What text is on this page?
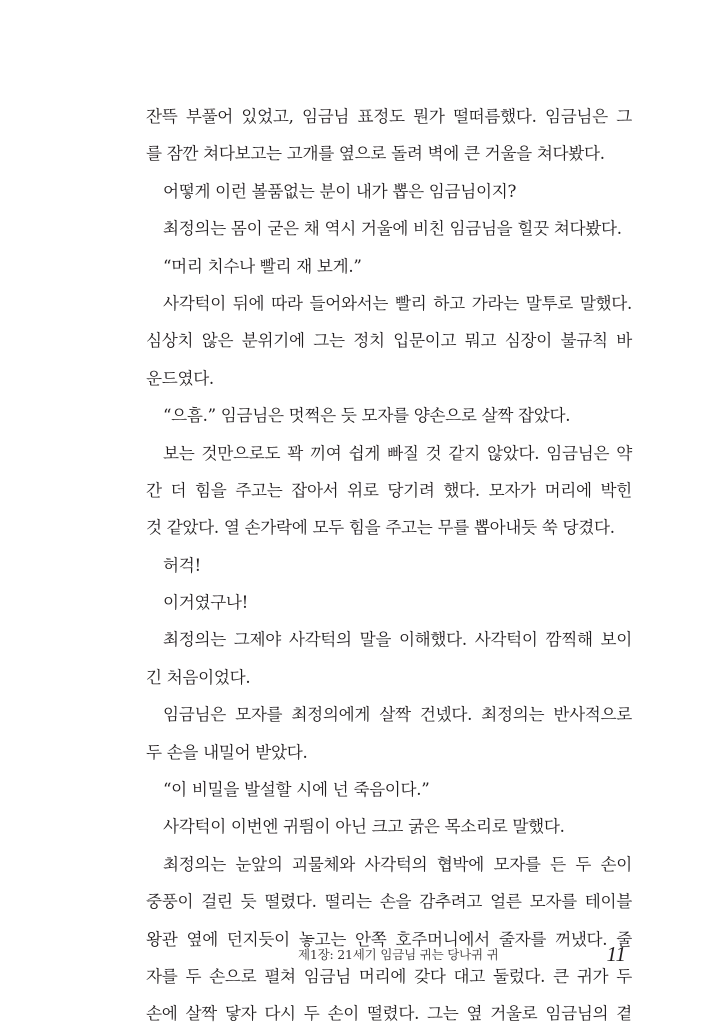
잔뜩 부풀어 있었고, 임금님 표정도 뭔가 떨떠름했다. 임금님은 그
를 잠깐 쳐다보고는 고개를 옆으로 돌려 벽에 큰 거울을 쳐다봤다.
어떻게 이런 볼품없는 분이 내가 뽑은 임금님이지?
최정의는 몸이 굳은 채 역시 거울에 비친 임금님을 힐끗 쳐다봤다.
“머리 치수나 빨리 재 보게.”
사각턱이 뒤에 따라 들어와서는 빨리 하고 가라는 말투로 말했다.
심상치 않은 분위기에 그는 정치 입문이고 뭐고 심장이 불규칙 바
운드였다.
“으흠.” 임금님은 멋쩍은 듯 모자를 양손으로 살짝 잡았다.
보는 것만으로도 꽉 끼여 쉽게 빠질 것 같지 않았다. 임금님은 약
간 더 힘을 주고는 잡아서 위로 당기려 했다. 모자가 머리에 박힌
것 같았다. 열 손가락에 모두 힘을 주고는 무를 뽑아내듯 쑥 당겼다.
허걱!
이거였구나!
최정의는 그제야 사각턱의 말을 이해했다. 사각턱이 깜찍해 보이
긴 처음이었다.
임금님은 모자를 최정의에게 살짝 건넸다. 최정의는 반사적으로
두 손을 내밀어 받았다.
“이 비밀을 발설할 시에 넌 죽음이다.”
사각턱이 이번엔 귀띔이 아닌 크고 굵은 목소리로 말했다.
최정의는 눈앞의 괴물체와 사각턱의 협박에 모자를 든 두 손이
중풍이 걸린 듯 떨렸다. 떨리는 손을 감추려고 얼른 모자를 테이블
왕관 옆에 던지듯이 놓고는 안쪽 호주머니에서 줄자를 꺼냈다. 줄
자를 두 손으로 펼쳐 임금님 머리에 갖다 대고 둘렀다. 큰 귀가 두
손에 살짝 닿자 다시 두 손이 떨렸다. 그는 옆 거울로 임금님의 곁
제1장: 21세기 임금님 귀는 당나귀 귀	11
